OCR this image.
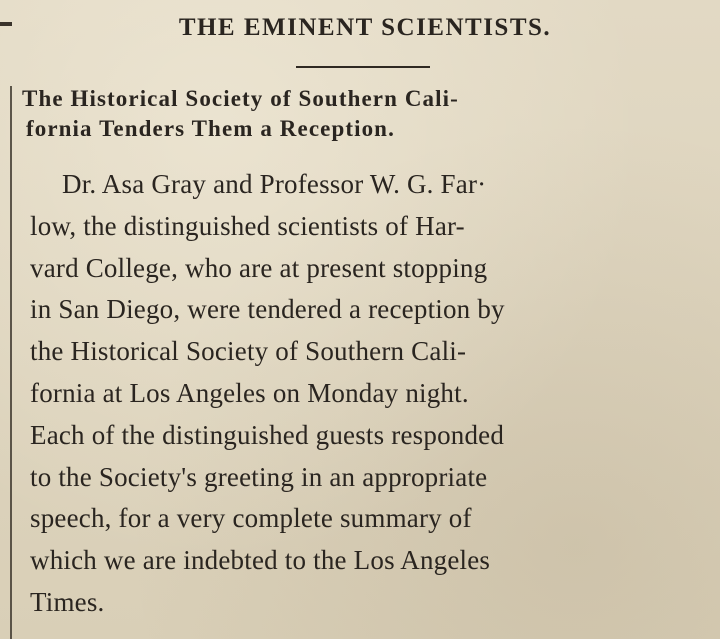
THE EMINENT SCIENTISTS.
The Historical Society of Southern Cali-
fornia Tenders Them a Reception.
Dr. Asa Gray and Professor W. G. Far·
low, the distinguished scientists of Har-
vard College, who are at present stopping
in San Diego, were tendered a reception by
the Historical Society of Southern Cali-
fornia at Los Angeles on Monday night.
Each of the distinguished guests responded
to the Society's greeting in an appropriate
speech, for a very complete summary of
which we are indebted to the Los Angeles
Times.
